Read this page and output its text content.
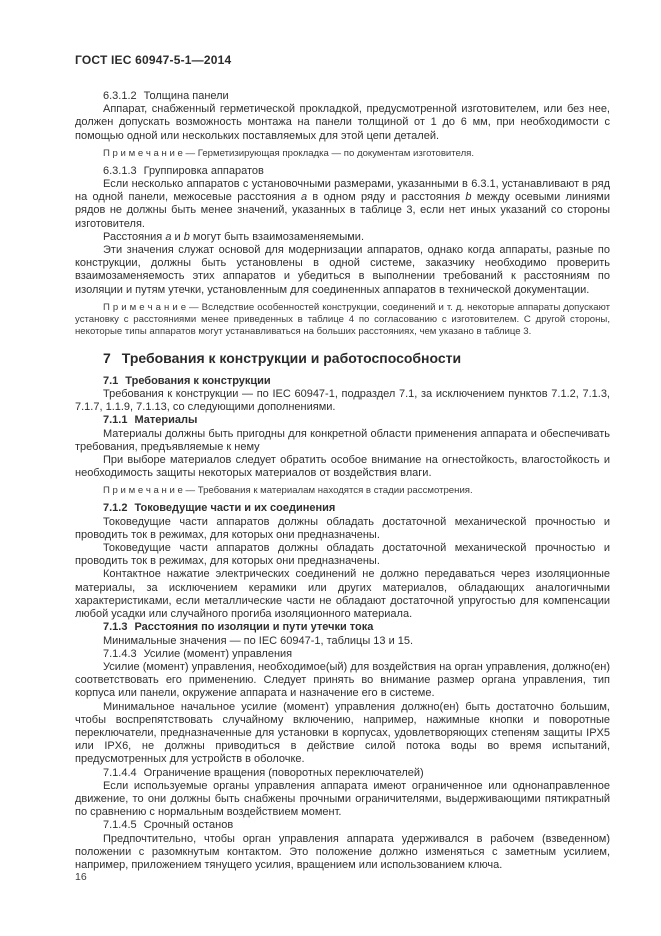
ГОСТ IEC 60947-5-1—2014
6.3.1.2 Толщина панели
Аппарат, снабженный герметической прокладкой, предусмотренной изготовителем, или без нее, должен допускать возможность монтажа на панели толщиной от 1 до 6 мм, при необходимости с помощью одной или нескольких поставляемых для этой цепи деталей.
П р и м е ч а н и е — Герметизирующая прокладка — по документам изготовителя.
6.3.1.3 Группировка аппаратов
Если несколько аппаратов с установочными размерами, указанными в 6.3.1, устанавливают в ряд на одной панели, межосевые расстояния a в одном ряду и расстояния b между осевыми линиями рядов не должны быть менее значений, указанных в таблице 3, если нет иных указаний со стороны изготовителя.
Расстояния a и b могут быть взаимозаменяемыми.
Эти значения служат основой для модернизации аппаратов, однако когда аппараты, разные по конструкции, должны быть установлены в одной системе, заказчику необходимо проверить взаимозаменяемость этих аппаратов и убедиться в выполнении требований к расстояниям по изоляции и путям утечки, установленным для соединенных аппаратов в технической документации.
П р и м е ч а н и е — Вследствие особенностей конструкции, соединений и т. д. некоторые аппараты допускают установку с расстояниями менее приведенных в таблице 4 по согласованию с изготовителем. С другой стороны, некоторые типы аппаратов могут устанавливаться на больших расстояниях, чем указано в таблице 3.
7 Требования к конструкции и работоспособности
7.1 Требования к конструкции
Требования к конструкции — по IEC 60947-1, подраздел 7.1, за исключением пунктов 7.1.2, 7.1.3, 7.1.7, 1.1.9, 7.1.13, со следующими дополнениями.
7.1.1 Материалы
Материалы должны быть пригодны для конкретной области применения аппарата и обеспечивать требования, предъявляемые к нему
При выборе материалов следует обратить особое внимание на огнестойкость, влагостойкость и необходимость защиты некоторых материалов от воздействия влаги.
П р и м е ч а н и е — Требования к материалам находятся в стадии рассмотрения.
7.1.2 Токоведущие части и их соединения
Токоведущие части аппаратов должны обладать достаточной механической прочностью и проводить ток в режимах, для которых они предназначены.
Токоведущие части аппаратов должны обладать достаточной механической прочностью и проводить ток в режимах, для которых они предназначены.
Контактное нажатие электрических соединений не должно передаваться через изоляционные материалы, за исключением керамики или других материалов, обладающих аналогичными характеристиками, если металлические части не обладают достаточной упругостью для компенсации любой усадки или случайного прогиба изоляционного материала.
7.1.3 Расстояния по изоляции и пути утечки тока
Минимальные значения — по IEC 60947-1, таблицы 13 и 15.
7.1.4.3 Усилие (момент) управления
Усилие (момент) управления, необходимое(ый) для воздействия на орган управления, должно(ен) соответствовать его применению. Следует принять во внимание размер органа управления, тип корпуса или панели, окружение аппарата и назначение его в системе.
Минимальное начальное усилие (момент) управления должно(ен) быть достаточно большим, чтобы воспрепятствовать случайному включению, например, нажимные кнопки и поворотные переключатели, предназначенные для установки в корпусах, удовлетворяющих степеням защиты IPX5 или IPX6, не должны приводиться в действие силой потока воды во время испытаний, предусмотренных для устройств в оболочке.
7.1.4.4 Ограничение вращения (поворотных переключателей)
Если используемые органы управления аппарата имеют ограниченное или однонаправленное движение, то они должны быть снабжены прочными ограничителями, выдерживающими пятикратный по сравнению с нормальным воздействием момент.
7.1.4.5 Срочный останов
Предпочтительно, чтобы орган управления аппарата удерживался в рабочем (взведенном) положении с разомкнутым контактом. Это положение должно изменяться с заметным усилием, например, приложением тянущего усилия, вращением или использованием ключа.
16
